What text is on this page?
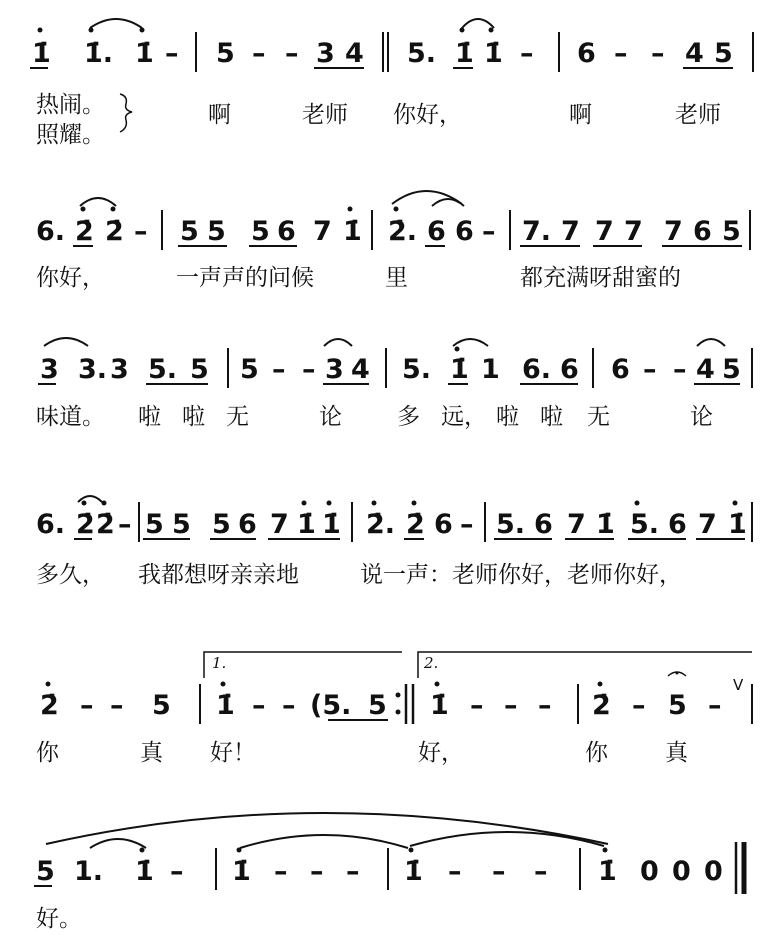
1̇ 1̇. 1̇ – 5 – – 3 4 5. 1̇ 1̇ – 6 – – 4 5
热闹。
照耀。
啊	老师 你好，	啊	老师
6. 2̇ 2̇ – 5 5 5 6 7 1̇ 2̇. 6 6 – 7. 7 7 7 7 6 5
你好，	一声声的问候	里	都充满呀甜蜜的
3 3. 3 5. 5 5 – – 3 4 5. 1̇ 1 6. 6 6 – – 4 5
味道。 啦 啦 无	论 多 远， 啦 啦 无	论
6. 2̇ 2̇ – 5 5 5 6 7 1̇ 1̇ 2̇. 2̇ 6 – 5. 6 7 1̇ 5. 6 7 1̇
多久， 我都想呀亲亲地	说一声：老师你好，老师你好，
1.	2.
2̇ – – 5 1̇ – – (5. 5 1̇ – – – 2̇ – 5 –
V
你	真 好！	好，	你 真
5 1. 1̇ – 1̇ – – – 1̇ – – – 1̇ 0 0 0
好。
